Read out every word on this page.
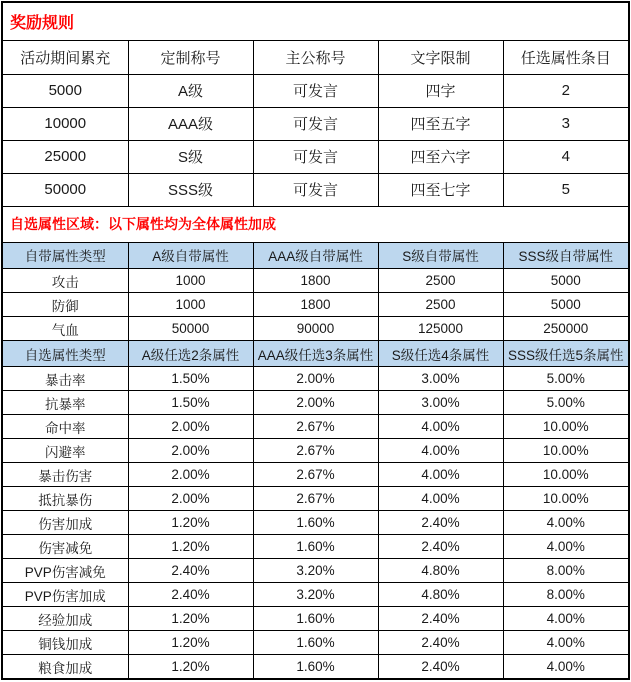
奖励规则
活动期间累充	定制称号	主公称号	文字限制	任选属性条目
5000	A级	可发言	四字	2
10000	AAA级	可发言	四至五字	3
25000	S级	可发言	四至六字	4
50000	SSS级	可发言	四至七字	5
自选属性区域：以下属性均为全体属性加成
自带属性类型	A级自带属性	AAA级自带属性	S级自带属性	SSS级自带属性
攻击	1000	1800	2500	5000
防御	1000	1800	2500	5000
气血	50000	90000	125000	250000
自选属性类型	A级任选2条属性	AAA级任选3条属性	S级任选4条属性	SSS级任选5条属性
暴击率	1.50%	2.00%	3.00%	5.00%
抗暴率	1.50%	2.00%	3.00%	5.00%
命中率	2.00%	2.67%	4.00%	10.00%
闪避率	2.00%	2.67%	4.00%	10.00%
暴击伤害	2.00%	2.67%	4.00%	10.00%
抵抗暴伤	2.00%	2.67%	4.00%	10.00%
伤害加成	1.20%	1.60%	2.40%	4.00%
伤害减免	1.20%	1.60%	2.40%	4.00%
PVP伤害减免	2.40%	3.20%	4.80%	8.00%
PVP伤害加成	2.40%	3.20%	4.80%	8.00%
经验加成	1.20%	1.60%	2.40%	4.00%
铜钱加成	1.20%	1.60%	2.40%	4.00%
粮食加成	1.20%	1.60%	2.40%	4.00%
